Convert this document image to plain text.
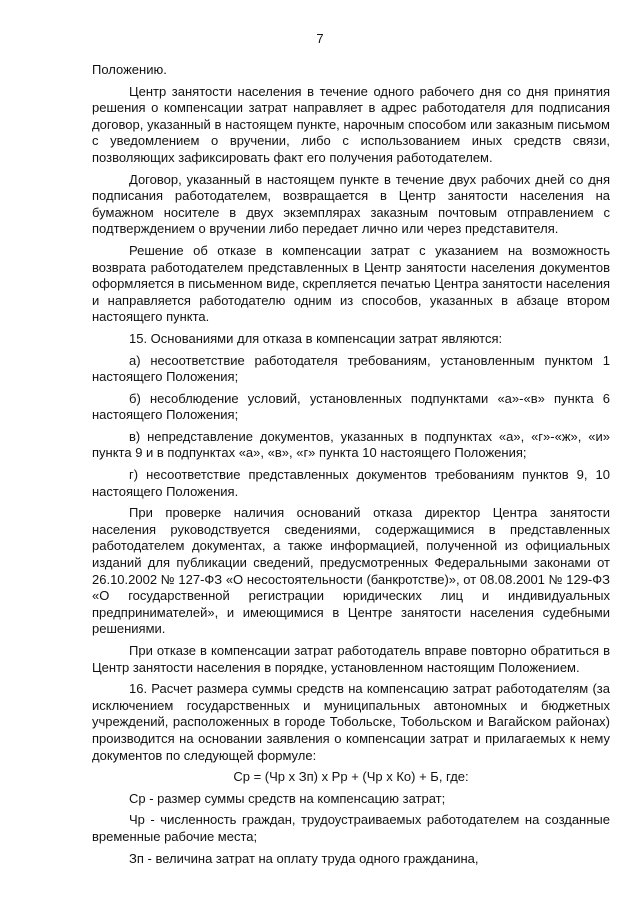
7

Положению.

Центр занятости населения в течение одного рабочего дня со дня принятия решения о компенсации затрат направляет в адрес работодателя для подписания договор, указанный в настоящем пункте, нарочным способом или заказным письмом с уведомлением о вручении, либо с использованием иных средств связи, позволяющих зафиксировать факт его получения работодателем.

Договор, указанный в настоящем пункте в течение двух рабочих дней со дня подписания работодателем, возвращается в Центр занятости населения на бумажном носителе в двух экземплярах заказным почтовым отправлением с подтверждением о вручении либо передает лично или через представителя.

Решение об отказе в компенсации затрат с указанием на возможность возврата работодателем представленных в Центр занятости населения документов оформляется в письменном виде, скрепляется печатью Центра занятости населения и направляется работодателю одним из способов, указанных в абзаце втором настоящего пункта.

15. Основаниями для отказа в компенсации затрат являются:

а) несоответствие работодателя требованиям, установленным пунктом 1 настоящего Положения;

б) несоблюдение условий, установленных подпунктами «а»-«в» пункта 6 настоящего Положения;

в) непредставление документов, указанных в подпунктах «а», «г»-«ж», «и» пункта 9 и в подпунктах «а», «в», «г» пункта 10 настоящего Положения;

г) несоответствие представленных документов требованиям пунктов 9, 10 настоящего Положения.

При проверке наличия оснований отказа директор Центра занятости населения руководствуется сведениями, содержащимися в представленных работодателем документах, а также информацией, полученной из официальных изданий для публикации сведений, предусмотренных Федеральными законами от 26.10.2002 № 127-ФЗ «О несостоятельности (банкротстве)», от 08.08.2001 № 129-ФЗ «О государственной регистрации юридических лиц и индивидуальных предпринимателей», и имеющимися в Центре занятости населения судебными решениями.

При отказе в компенсации затрат работодатель вправе повторно обратиться в Центр занятости населения в порядке, установленном настоящим Положением.

16. Расчет размера суммы средств на компенсацию затрат работодателям (за исключением государственных и муниципальных автономных и бюджетных учреждений, расположенных в городе Тобольске, Тобольском и Вагайском районах) производится на основании заявления о компенсации затрат и прилагаемых к нему документов по следующей формуле:

Ср = (Чр x Зп) x Рр + (Чр x Ко) + Б, где:

Ср - размер суммы средств на компенсацию затрат;

Чр - численность граждан, трудоустраиваемых работодателем на созданные временные рабочие места;

Зп - величина затрат на оплату труда одного гражданина,
